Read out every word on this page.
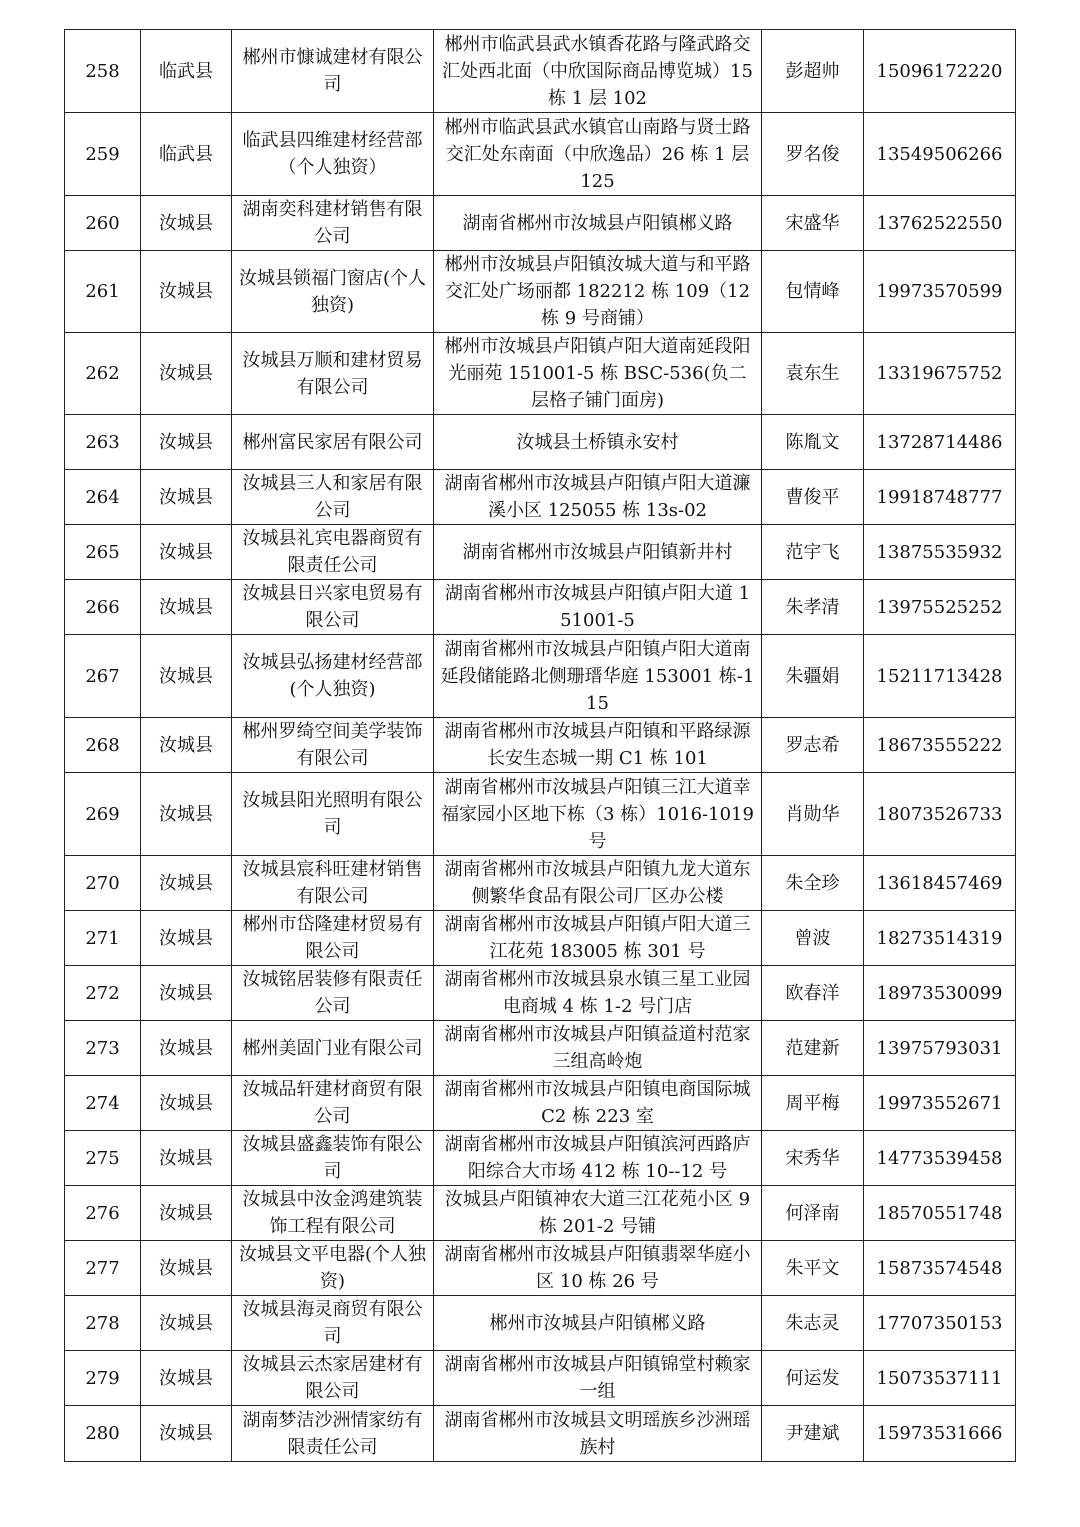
258	临武县	郴州市慷诚建材有限公司	郴州市临武县武水镇香花路与隆武路交汇处西北面（中欣国际商品博览城）15 栋 1 层 102	彭超帅	15096172220
259	临武县	临武县四维建材经营部（个人独资）	郴州市临武县武水镇官山南路与贤士路交汇处东南面（中欣逸品）26 栋 1 层 125	罗名俊	13549506266
260	汝城县	湖南奕科建材销售有限公司	湖南省郴州市汝城县卢阳镇郴义路	宋盛华	13762522550
261	汝城县	汝城县锁福门窗店(个人独资)	郴州市汝城县卢阳镇汝城大道与和平路交汇处广场丽都 182212 栋 109（12 栋 9 号商铺）	包情峰	19973570599
262	汝城县	汝城县万顺和建材贸易有限公司	郴州市汝城县卢阳镇卢阳大道南延段阳光丽苑 151001-5 栋 BSC-536(负二层格子铺门面房)	袁东生	13319675752
263	汝城县	郴州富民家居有限公司	汝城县土桥镇永安村	陈胤文	13728714486
264	汝城县	汝城县三人和家居有限公司	湖南省郴州市汝城县卢阳镇卢阳大道濂溪小区 125055 栋 13s-02	曹俊平	19918748777
265	汝城县	汝城县礼宾电器商贸有限责任公司	湖南省郴州市汝城县卢阳镇新井村	范宇飞	13875535932
266	汝城县	汝城县日兴家电贸易有限公司	湖南省郴州市汝城县卢阳镇卢阳大道 151001-5	朱孝清	13975525252
267	汝城县	汝城县弘扬建材经营部(个人独资)	湖南省郴州市汝城县卢阳镇卢阳大道南延段储能路北侧珊瑨华庭 153001 栋-115	朱疆娟	15211713428
268	汝城县	郴州罗绮空间美学装饰有限公司	湖南省郴州市汝城县卢阳镇和平路绿源长安生态城一期 C1 栋 101	罗志希	18673555222
269	汝城县	汝城县阳光照明有限公司	湖南省郴州市汝城县卢阳镇三江大道幸福家园小区地下栋（3 栋）1016-1019 号	肖勋华	18073526733
270	汝城县	汝城县宸科旺建材销售有限公司	湖南省郴州市汝城县卢阳镇九龙大道东 侧繁华食品有限公司厂区办公楼	朱全珍	13618457469
271	汝城县	郴州市岱隆建材贸易有限公司	湖南省郴州市汝城县卢阳镇卢阳大道三江花苑 183005 栋 301 号	曾波	18273514319
272	汝城县	汝城铭居装修有限责任公司	湖南省郴州市汝城县泉水镇三星工业园电商城 4 栋 1-2 号门店	欧春洋	18973530099
273	汝城县	郴州美固门业有限公司	湖南省郴州市汝城县卢阳镇益道村范家三组高岭炮	范建新	13975793031
274	汝城县	汝城品轩建材商贸有限公司	湖南省郴州市汝城县卢阳镇电商国际城 C2 栋 223 室	周平梅	19973552671
275	汝城县	汝城县盛鑫装饰有限公司	湖南省郴州市汝城县卢阳镇滨河西路庐阳综合大市场 412 栋 10--12 号	宋秀华	14773539458
276	汝城县	汝城县中汝金鸿建筑装饰工程有限公司	汝城县卢阳镇神农大道三江花苑小区 9 栋 201-2 号铺	何泽南	18570551748
277	汝城县	汝城县文平电器(个人独资)	湖南省郴州市汝城县卢阳镇翡翠华庭小区 10 栋 26 号	朱平文	15873574548
278	汝城县	汝城县海灵商贸有限公司	郴州市汝城县卢阳镇郴义路	朱志灵	17707350153
279	汝城县	汝城县云杰家居建材有限公司	湖南省郴州市汝城县卢阳镇锦堂村赖家一组	何运发	15073537111
280	汝城县	湖南梦洁沙洲情家纺有限责任公司	湖南省郴州市汝城县文明瑶族乡沙洲瑶族村	尹建斌	15973531666
